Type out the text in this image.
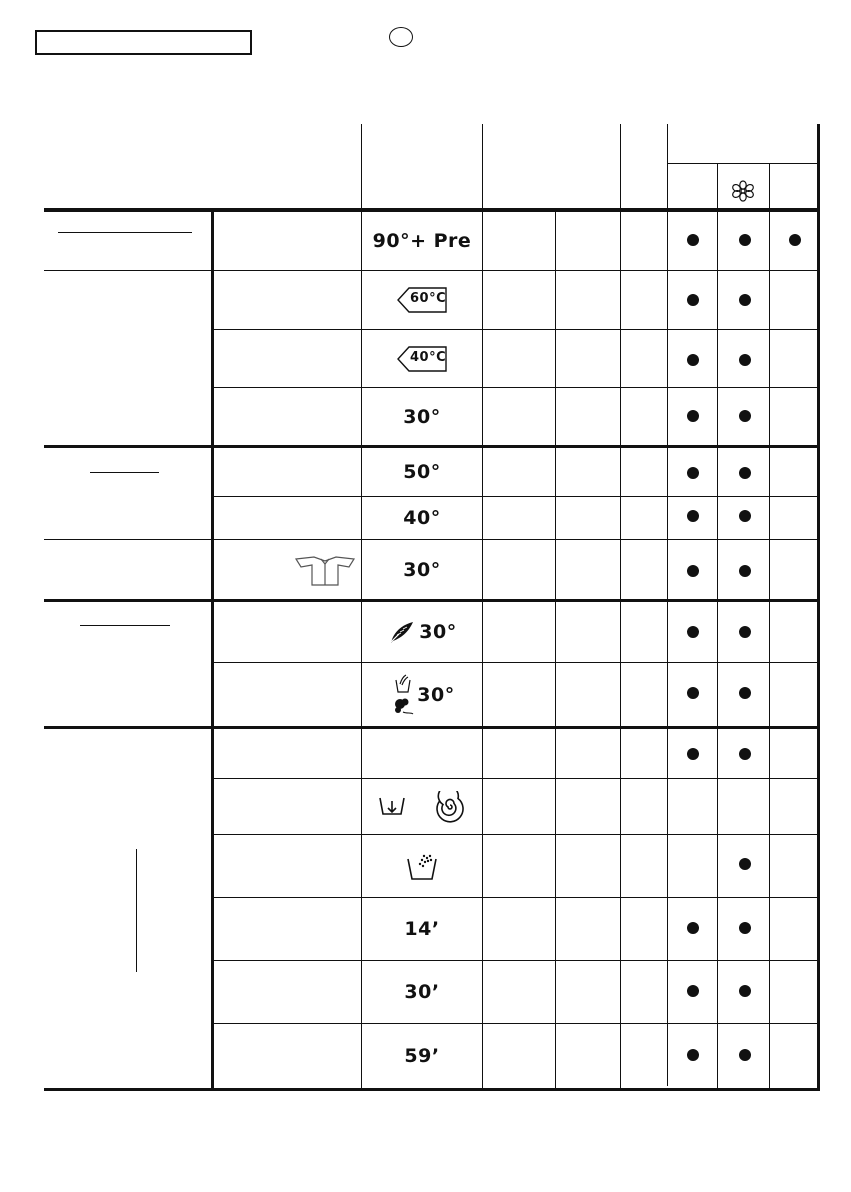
90°+ Pre
60°C
40°C
30°
50°
40°
30°
30°
30°
14’
30’
59’
